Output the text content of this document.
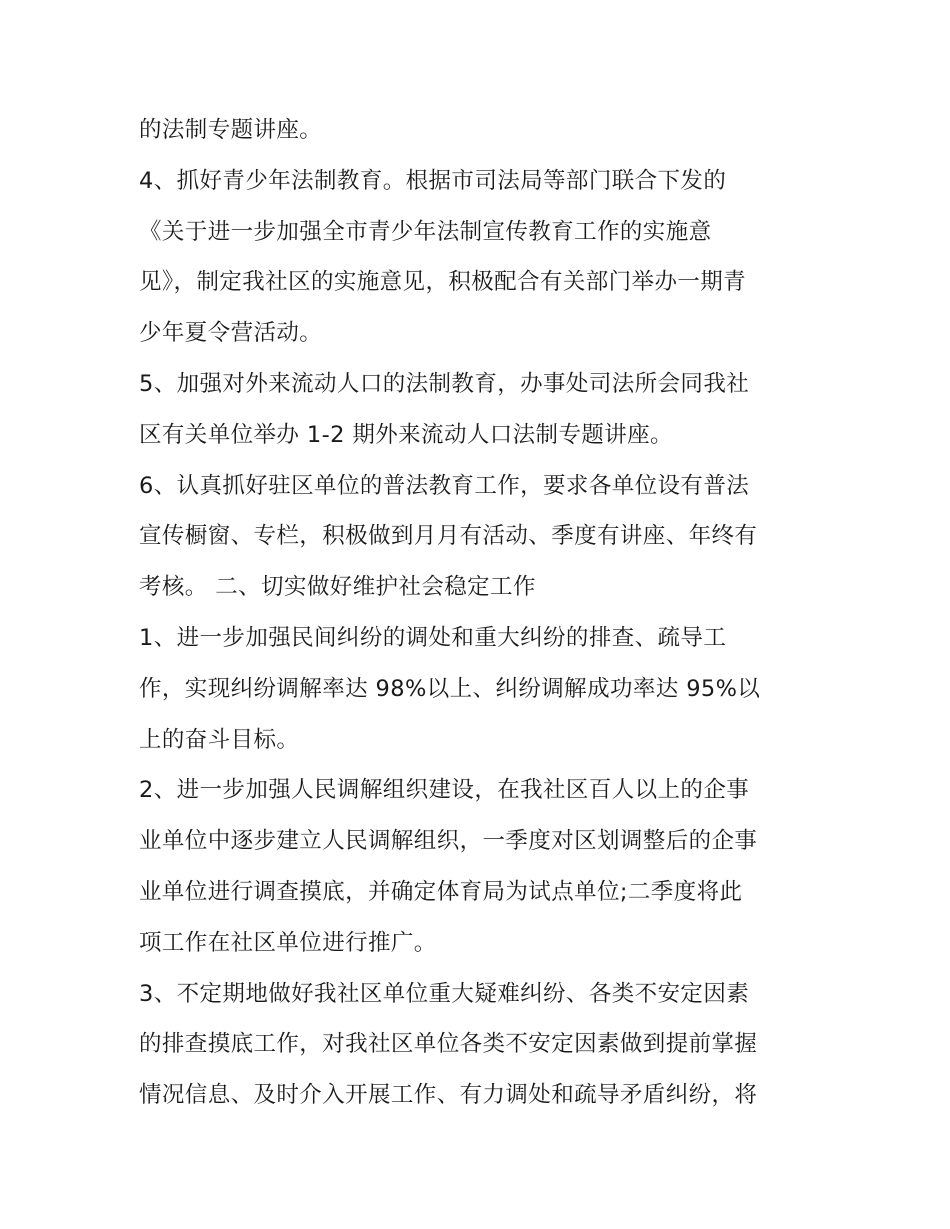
的法制专题讲座。
4、抓好青少年法制教育。根据市司法局等部门联合下发的
《关于进一步加强全市青少年法制宣传教育工作的实施意
见》，制定我社区的实施意见，积极配合有关部门举办一期青
少年夏令营活动。
5、加强对外来流动人口的法制教育，办事处司法所会同我社
区有关单位举办 1-2 期外来流动人口法制专题讲座。
6、认真抓好驻区单位的普法教育工作，要求各单位设有普法
宣传橱窗、专栏，积极做到月月有活动、季度有讲座、年终有
考核。 二、切实做好维护社会稳定工作
1、进一步加强民间纠纷的调处和重大纠纷的排查、疏导工
作，实现纠纷调解率达 98%以上、纠纷调解成功率达 95%以
上的奋斗目标。
2、进一步加强人民调解组织建设，在我社区百人以上的企事
业单位中逐步建立人民调解组织，一季度对区划调整后的企事
业单位进行调查摸底，并确定体育局为试点单位;二季度将此
项工作在社区单位进行推广。
3、不定期地做好我社区单位重大疑难纠纷、各类不安定因素
的排查摸底工作，对我社区单位各类不安定因素做到提前掌握
情况信息、及时介入开展工作、有力调处和疏导矛盾纠纷，将
